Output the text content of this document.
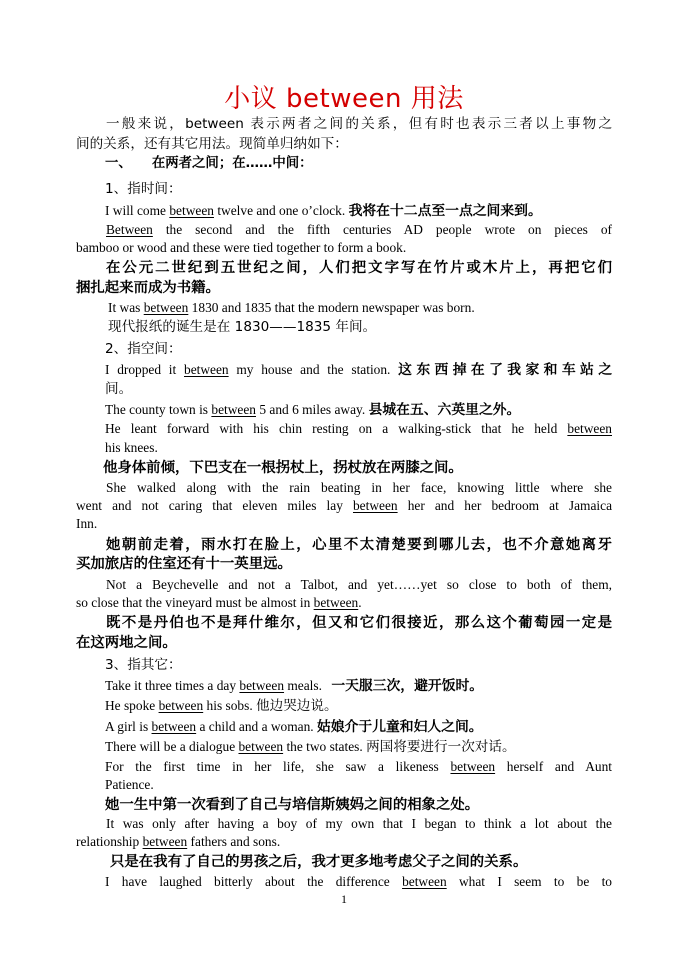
小议 between 用法
一般来说，between 表示两者之间的关系，但有时也表示三者以上事物之
间的关系，还有其它用法。现简单归纳如下：
一、　　在两者之间；在……中间：
1、指时间：
I will come between twelve and one o’clock. 我将在十二点至一点之间来到。
Between the second and the fifth centuries AD people wrote on pieces of
bamboo or wood and these were tied together to form a book.
在公元二世纪到五世纪之间，人们把文字写在竹片或木片上，再把它们
捆扎起来而成为书籍。
It was between 1830 and 1835 that the modern newspaper was born.
现代报纸的诞生是在 1830——1835 年间。
2、指空间：
I dropped it between my house and the station. 这东西掉在了我家和车站之
间。
The county town is between 5 and 6 miles away. 县城在五、六英里之外。
He leant forward with his chin resting on a walking-stick that he held between
his knees.
他身体前倾，下巴支在一根拐杖上，拐杖放在两膝之间。
She walked along with the rain beating in her face, knowing little where she
went and not caring that eleven miles lay between her and her bedroom at Jamaica
Inn.
她朝前走着，雨水打在脸上，心里不太清楚要到哪儿去，也不介意她离牙
买加旅店的住室还有十一英里远。
Not a Beychevelle and not a Talbot, and yet……yet so close to both of them,
so close that the vineyard must be almost in between.
既不是丹伯也不是拜什维尔，但又和它们很接近，那么这个葡萄园一定是
在这两地之间。
3、指其它：
Take it three times a day between meals. 一天服三次，避开饭时。
He spoke between his sobs. 他边哭边说。
A girl is between a child and a woman. 姑娘介于儿童和妇人之间。
There will be a dialogue between the two states. 两国将要进行一次对话。
For the first time in her life, she saw a likeness between herself and Aunt
Patience.
她一生中第一次看到了自己与培信斯姨妈之间的相象之处。
It was only after having a boy of my own that I began to think a lot about the
relationship between fathers and sons.
只是在我有了自己的男孩之后，我才更多地考虑父子之间的关系。
I have laughed bitterly about the difference between what I seem to be to
1
